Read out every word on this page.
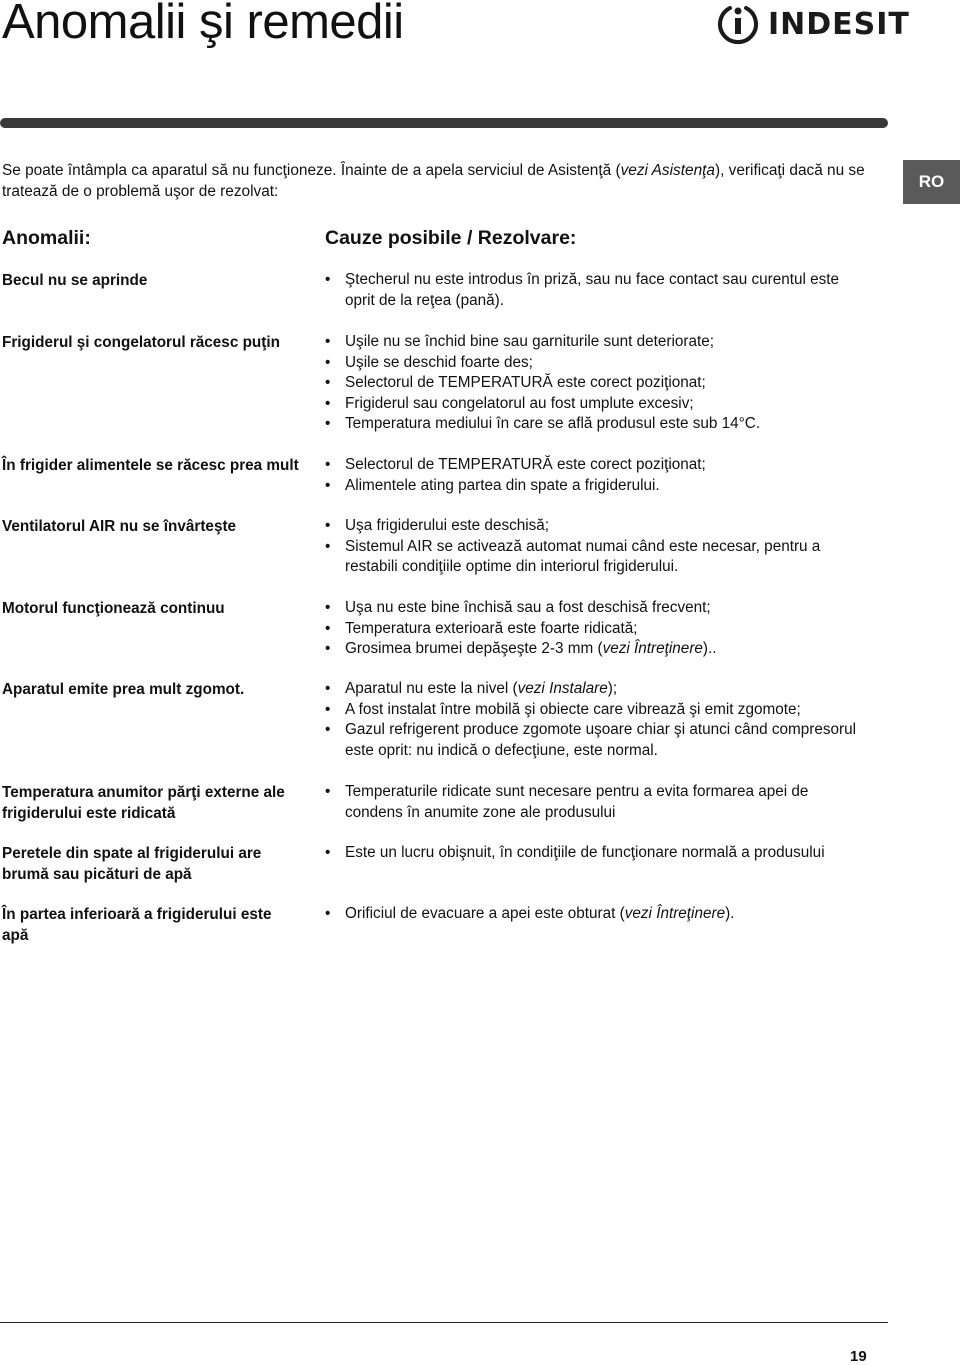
Anomalii şi remedii	INDESIT

Se poate întâmpla ca aparatul să nu funcţioneze. Înainte de a apela serviciul de Asistenţă (vezi Asistenţa), verificaţi dacă nu se tratează de o problemă uşor de rezolvat:

RO
Anomalii:	Cauze posibile / Rezolvare:
Becul nu se aprinde	• Ştecherul nu este introdus în priză, sau nu face contact sau curentul este oprit de la reţea (pană).
Frigiderul şi congelatorul răcesc puţin	• Uşile nu se închid bine sau garniturile sunt deteriorate;
• Uşile se deschid foarte des;
• Selectorul de TEMPERATURĂ este corect poziţionat;
• Frigiderul sau congelatorul au fost umplute excesiv;
• Temperatura mediului în care se află produsul este sub 14°C.
În frigider alimentele se răcesc prea mult • Selectorul de TEMPERATURĂ este corect poziţionat;
• Alimentele ating partea din spate a frigiderului.
Ventilatorul AIR nu se învârteşte	• Uşa frigiderului este deschisă;
• Sistemul AIR se activează automat numai când este necesar, pentru a restabili condiţiile optime din interiorul frigiderului.
Motorul funcţionează continuu	• Uşa nu este bine închisă sau a fost deschisă frecvent;
• Temperatura exterioară este foarte ridicată;
• Grosimea brumei depăşeşte 2-3 mm (vezi Întreţinere)..
Aparatul emite prea mult zgomot.	• Aparatul nu este la nivel (vezi Instalare);
• A fost instalat între mobilă şi obiecte care vibrează şi emit zgomote;
• Gazul refrigerent produce zgomote uşoare chiar şi atunci când compresorul este oprit: nu indică o defecţiune, este normal.
Temperatura anumitor părţi externe ale frigiderului este ridicată
• Temperaturile ridicate sunt necesare pentru a evita formarea apei de condens în anumite zone ale produsului
Peretele din spate al frigiderului are brumă sau picături de apă
• Este un lucru obişnuit, în condiţiile de funcţionare normală a produsului
În partea inferioară a frigiderului este apă
• Orificiul de evacuare a apei este obturat (vezi Întreţinere).
19
